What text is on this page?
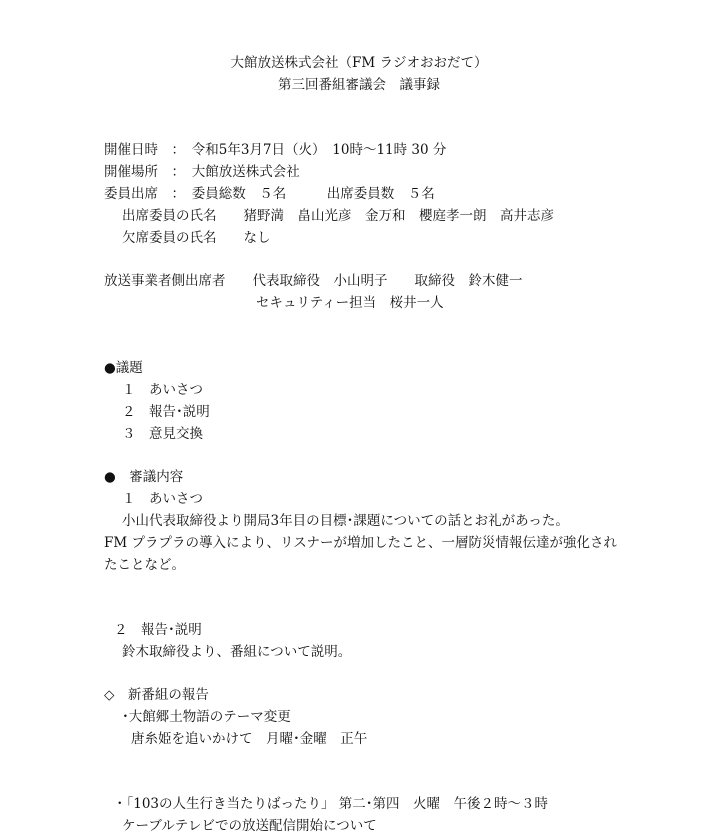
大館放送株式会社（FM ラジオおおだて）
第三回番組審議会　議事録
開催日時　：　令和5年3月7日（火）　10時～11時 30 分
開催場所　：　大館放送株式会社
委員出席　：　委員総数　５名　　　出席委員数　５名
出席委員の氏名　　猪野満　畠山光彦　金万和　櫻庭孝一朗　高井志彦
欠席委員の氏名　　なし
放送事業者側出席者　　代表取締役　小山明子　　取締役　鈴木健一
セキュリティー担当　桜井一人
●議題
１　あいさつ
２　報告･説明
３　意見交換
●　審議内容
１　あいさつ
小山代表取締役より開局3年目の目標･課題についての話とお礼があった。
FM プラプラの導入により、リスナーが増加したこと、一層防災情報伝達が強化され
たことなど。
２　報告･説明
鈴木取締役より、番組について説明。
◇　新番組の報告
･大館郷土物語のテーマ変更
唐糸姫を追いかけて　月曜･金曜　正午
・「103の人生行き当たりばったり」 第二･第四　火曜　午後２時～３時
ケーブルテレビでの放送配信開始について
